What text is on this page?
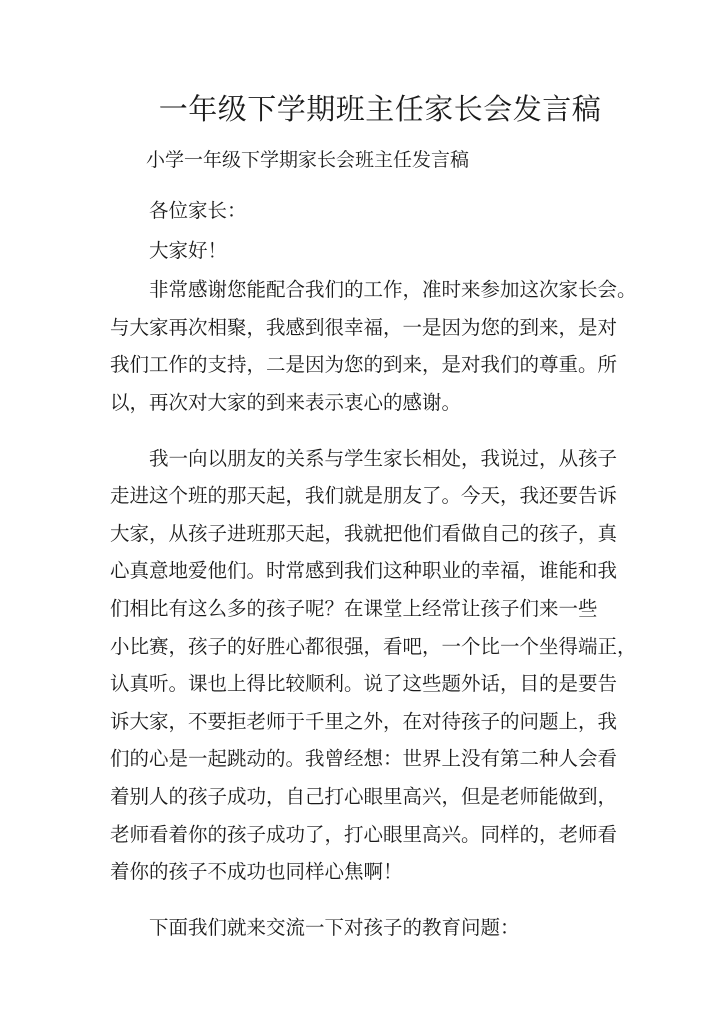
一年级下学期班主任家长会发言稿
小学一年级下学期家长会班主任发言稿

各位家长：

大家好！

非常感谢您能配合我们的工作，准时来参加这次家长会。
与大家再次相聚，我感到很幸福，一是因为您的到来，是对
我们工作的支持，二是因为您的到来，是对我们的尊重。所
以，再次对大家的到来表示衷心的感谢。

我一向以朋友的关系与学生家长相处，我说过，从孩子
走进这个班的那天起，我们就是朋友了。今天，我还要告诉
大家，从孩子进班那天起，我就把他们看做自己的孩子，真
心真意地爱他们。时常感到我们这种职业的幸福，谁能和我
们相比有这么多的孩子呢？在课堂上经常让孩子们来一些
小比赛，孩子的好胜心都很强，看吧，一个比一个坐得端正，
认真听。课也上得比较顺利。说了这些题外话，目的是要告
诉大家，不要拒老师于千里之外，在对待孩子的问题上，我
们的心是一起跳动的。我曾经想：世界上没有第二种人会看
着别人的孩子成功，自己打心眼里高兴，但是老师能做到，
老师看着你的孩子成功了，打心眼里高兴。同样的，老师看
着你的孩子不成功也同样心焦啊！

下面我们就来交流一下对孩子的教育问题：
